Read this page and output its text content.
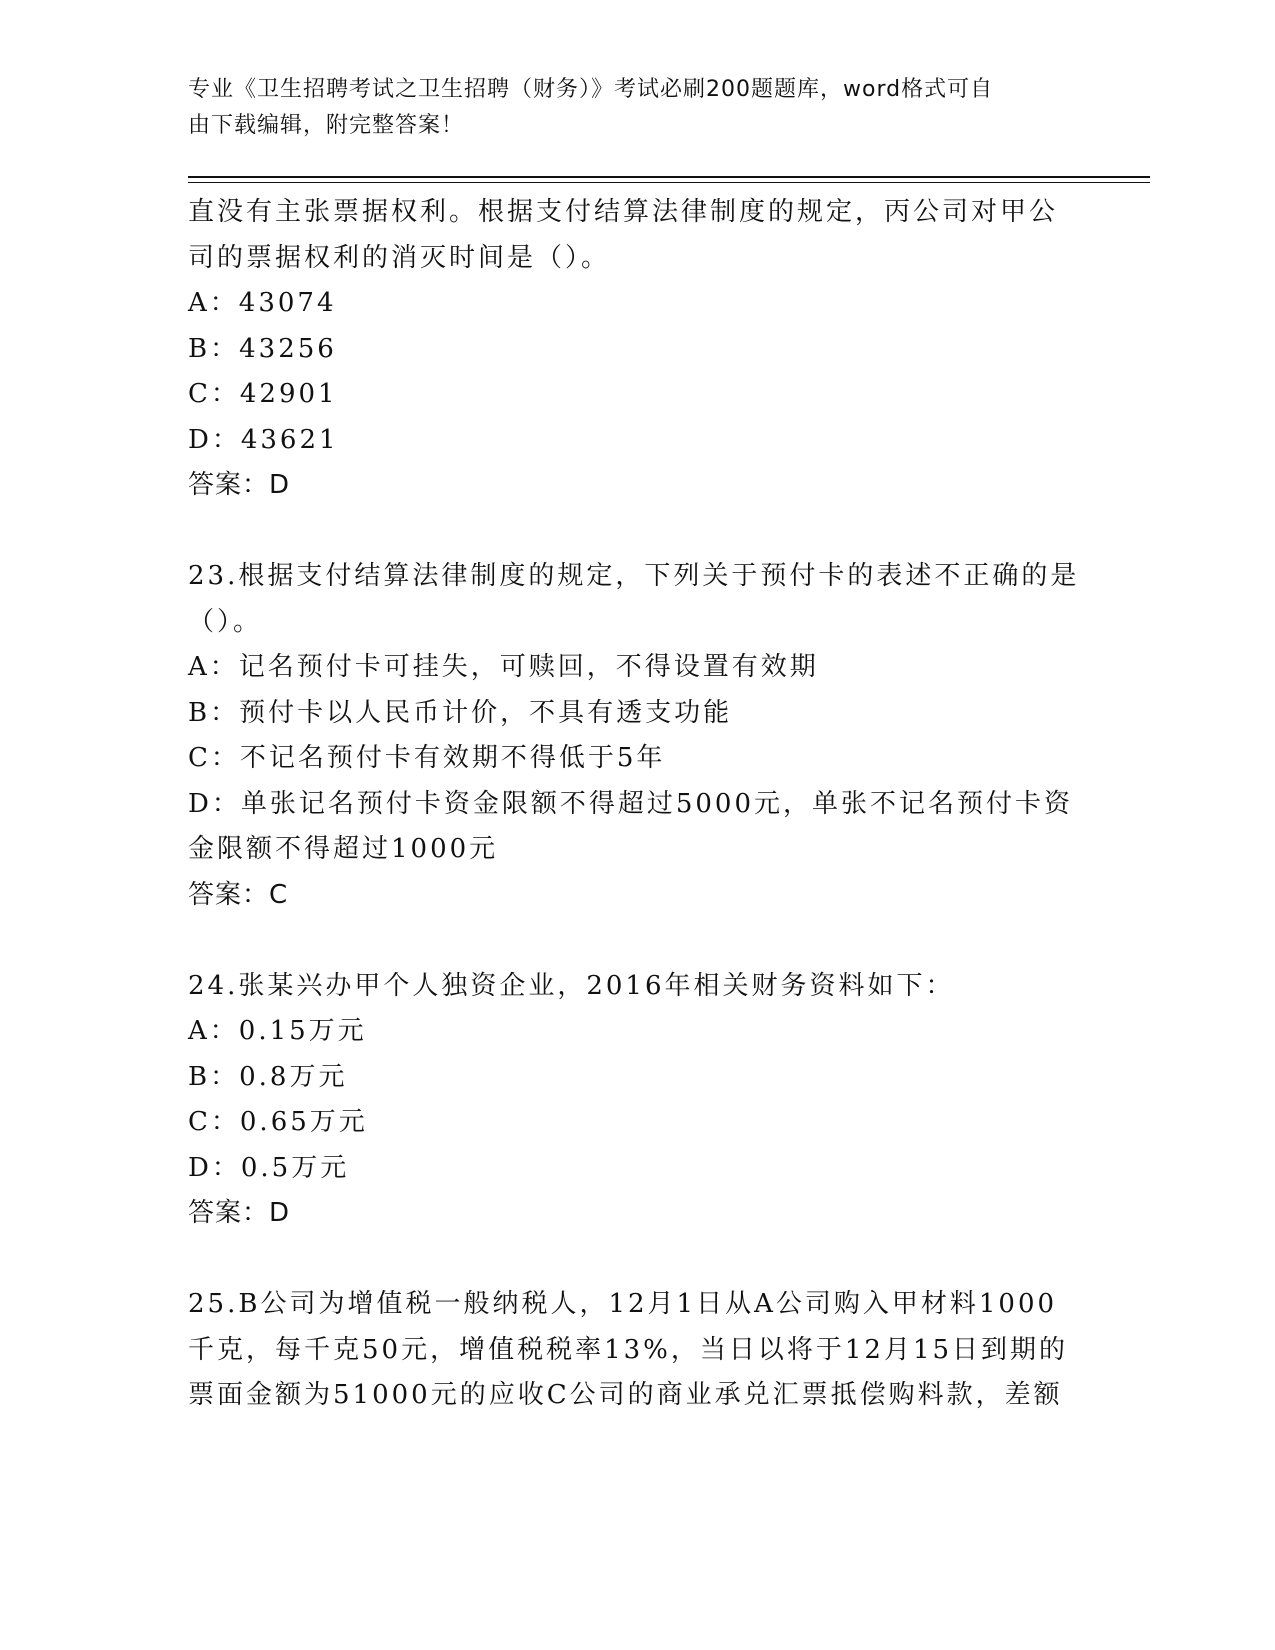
专业《卫生招聘考试之卫生招聘（财务）》考试必刷200题题库，word格式可自
由下载编辑，附完整答案！
直没有主张票据权利。根据支付结算法律制度的规定，丙公司对甲公
司的票据权利的消灭时间是（）。
A：43074
B：43256
C：42901
D：43621
答案：D
23.根据支付结算法律制度的规定，下列关于预付卡的表述不正确的是
（）。
A：记名预付卡可挂失，可赎回，不得设置有效期
B：预付卡以人民币计价，不具有透支功能
C：不记名预付卡有效期不得低于5年
D：单张记名预付卡资金限额不得超过5000元，单张不记名预付卡资
金限额不得超过1000元
答案：C
24.张某兴办甲个人独资企业，2016年相关财务资料如下：
A：0.15万元
B：0.8万元
C：0.65万元
D：0.5万元
答案：D
25.B公司为增值税一般纳税人，12月1日从A公司购入甲材料1000
千克，每千克50元，增值税税率13%，当日以将于12月15日到期的
票面金额为51000元的应收C公司的商业承兑汇票抵偿购料款，差额
